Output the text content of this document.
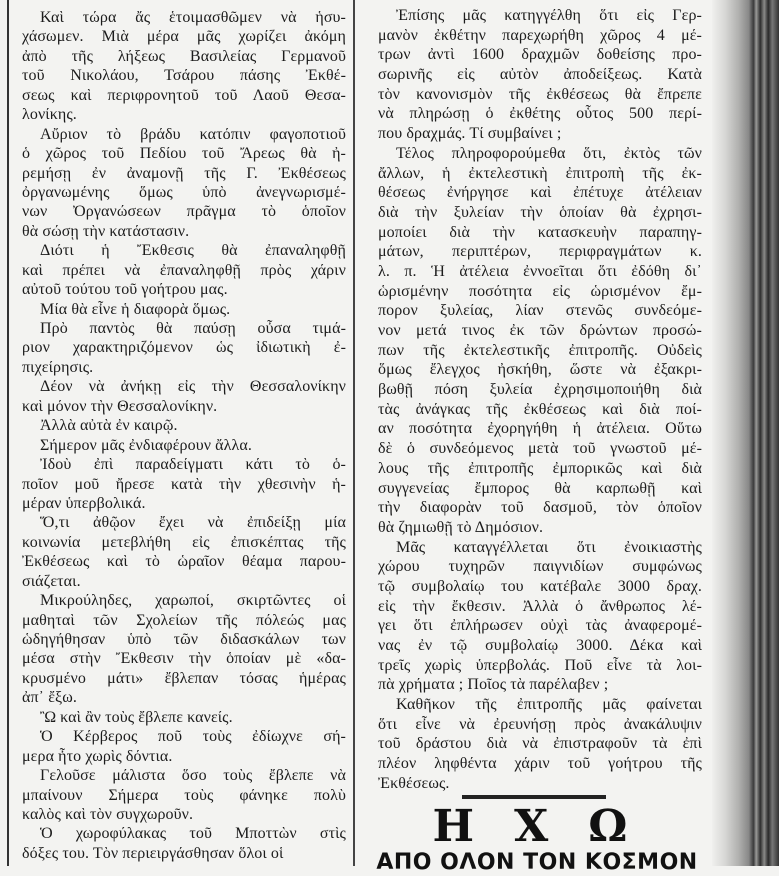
Καὶ τώρα ἄς ἑτοιμασθῶμεν νὰ ἡσυ-
χάσωμεν. Μιὰ μέρα μᾶς χωρίζει ἀκόμη
ἀπὸ τῆς λήξεως Βασιλείας Γερμανοῦ
τοῦ Νικολάου, Τσάρου πάσης Ἐκθέ-
σεως καὶ περιφρονητοῦ τοῦ Λαοῦ Θεσα-
λονίκης.
Αὔριον τὸ βράδυ κατόπιν φαγοποτιοῦ
ὁ χῶρος τοῦ Πεδίου τοῦ Ἄρεως θὰ ἠ-
ρεμήσῃ ἐν ἀναμονῇ τῆς Γ. Ἐκθέσεως
ὀργανωμένης ὅμως ὑπὸ ἀνεγνωρισμέ-
νων Ὀργανώσεων πρᾶγμα τὸ ὁποῖον
θὰ σώσῃ τὴν κατάστασιν.
Διότι ἡ Ἔκθεσις θὰ ἐπαναληφθῇ
καὶ πρέπει νὰ ἐπαναληφθῇ πρὸς χάριν
αὐτοῦ τούτου τοῦ γοήτρου μας.
Μία θὰ εἶνε ἡ διαφορὰ ὅμως.
Πρὸ παντὸς θὰ παύσῃ οὖσα τιμά-
ριον χαρακτηριζόμενον ὡς ἰδιωτικὴ ἐ-
πιχείρησις.
Δέον νὰ ἀνήκῃ εἰς τὴν Θεσσαλονίκην
καὶ μόνον τὴν Θεσσαλονίκην.
Ἀλλὰ αὐτὰ ἐν καιρῷ.
Σήμερον μᾶς ἐνδιαφέρουν ἄλλα.
Ἰδοὺ ἐπὶ παραδείγματι κάτι τὸ ὁ-
ποῖον μοῦ ἤρεσε κατὰ τὴν χθεσινὴν ἡ-
μέραν ὑπερβολικά.
Ὅ,τι ἀθῷον ἔχει νὰ ἐπιδείξῃ μία
κοινωνία μετεβλήθη εἰς ἐπισκέπτας τῆς
Ἐκθέσεως καὶ τὸ ὡραῖον θέαμα παρου-
σιάζεται.
Μικρούληδες, χαρωποί, σκιρτῶντες οἱ
μαθηταὶ τῶν Σχολείων τῆς πόλεώς μας
ὡδηγήθησαν ὑπὸ τῶν διδασκάλων των
μέσα στὴν Ἔκθεσιν τὴν ὁποίαν μὲ «δα-
κρυσμένο μάτι» ἔβλεπαν τόσας ἡμέρας
ἀπ᾽ ἔξω.
Ὢ καὶ ἂν τοὺς ἔβλεπε κανείς.
Ὁ Κέρβερος ποῦ τοὺς ἐδίωχνε σή-
μερα ἦτο χωρὶς δόντια.
Γελοῦσε μάλιστα ὅσο τοὺς ἔβλεπε νὰ
μπαίνουν Σήμερα τοὺς φάνηκε πολὺ
καλὸς καὶ τὸν συγχωροῦν.
Ὁ χωροφύλακας τοῦ Μποττὼν στὶς
δόξες του. Τὸν περιειργάσθησαν ὅλοι οἱ
Ἐπίσης μᾶς κατηγγέλθη ὅτι εἰς Γερ-
μανὸν ἐκθέτην παρεχωρήθη χῶρος 4 μέ-
τρων ἀντὶ 1600 δραχμῶν δοθείσης προ-
σωρινῆς εἰς αὐτὸν ἀποδείξεως. Κατὰ
τὸν κανονισμὸν τῆς ἐκθέσεως θὰ ἔπρεπε
νὰ πληρώσῃ ὁ ἐκθέτης οὗτος 500 περί-
που δραχμάς. Τί συμβαίνει ;
Τέλος πληροφορούμεθα ὅτι, ἐκτὸς τῶν
ἄλλων, ἡ ἐκτελεστικὴ ἐπιτροπὴ τῆς ἐκ-
θέσεως ἐνήργησε καὶ ἐπέτυχε ἀτέλειαν
διὰ τὴν ξυλείαν τὴν ὁποίαν θὰ ἐχρησι-
μοποίει διὰ τὴν κατασκευὴν παραπηγ-
μάτων, περιπτέρων, περιφραγμάτων κ.
λ. π. Ἡ ἀτέλεια ἐννοεῖται ὅτι ἐδόθη δι᾽
ὡρισμένην ποσότητα εἰς ὡρισμένον ἔμ-
πορον ξυλείας, λίαν στενῶς συνδεόμε-
νον μετά τινος ἐκ τῶν δρώντων προσώ-
πων τῆς ἐκτελεστικῆς ἐπιτροπῆς. Οὐδεὶς
ὅμως ἔλεγχος ἠσκήθη, ὥστε νὰ ἐξακρι-
βωθῇ πόση ξυλεία ἐχρησιμοποιήθη διὰ
τὰς ἀνάγκας τῆς ἐκθέσεως καὶ διὰ ποί-
αν ποσότητα ἐχορηγήθη ἡ ἀτέλεια. Οὕτω
δὲ ὁ συνδεόμενος μετὰ τοῦ γνωστοῦ μέ-
λους τῆς ἐπιτροπῆς ἐμπορικῶς καὶ διὰ
συγγενείας ἔμπορος θὰ καρπωθῇ καὶ
τὴν διαφορὰν τοῦ δασμοῦ, τὸν ὁποῖον
θὰ ζημιωθῇ τὸ Δημόσιον.
Μᾶς καταγγέλλεται ὅτι ἐνοικιαστὴς
χώρου τυχηρῶν παιγνιδίων συμφώνως
τῷ συμβολαίῳ του κατέβαλε 3000 δραχ.
εἰς τὴν ἔκθεσιν. Ἀλλὰ ὁ ἄνθρωπος λέ-
γει ὅτι ἐπλήρωσεν οὐχὶ τὰς ἀναφερομέ-
νας ἐν τῷ συμβολαίῳ 3000. Δέκα καὶ
τρεῖς χωρὶς ὑπερβολάς. Ποῦ εἶνε τὰ λοι-
πὰ χρήματα ; Ποῖος τὰ παρέλαβεν ;
Καθῆκον τῆς ἐπιτροπῆς μᾶς φαίνεται
ὅτι εἶνε νὰ ἐρευνήσῃ πρὸς ἀνακάλυψιν
τοῦ δράστου διὰ νὰ ἐπιστραφοῦν τὰ ἐπὶ
πλέον ληφθέντα χάριν τοῦ γοήτρου τῆς
Ἐκθέσεως.
ΗΧΩ
ΑΠΟ ΟΛΟΝ ΤΟΝ ΚΟΣΜΟΝ
